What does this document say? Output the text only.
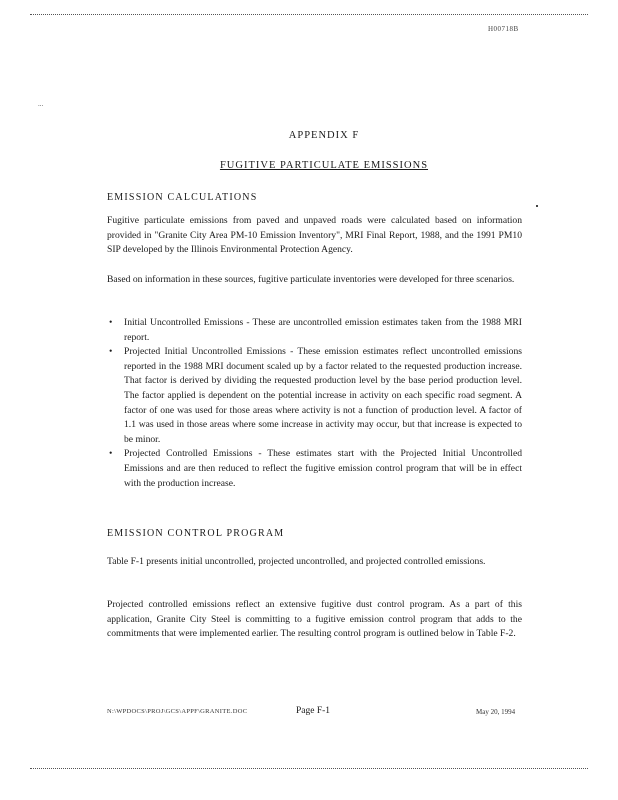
H00718B
...
APPENDIX F
FUGITIVE PARTICULATE EMISSIONS
EMISSION CALCULATIONS

Fugitive particulate emissions from paved and unpaved roads were calculated based on information provided in "Granite City Area PM-10 Emission Inventory", MRI Final Report, 1988, and the 1991 PM10 SIP developed by the Illinois Environmental Protection Agency.

Based on information in these sources, fugitive particulate inventories were developed for three scenarios.

• Initial Uncontrolled Emissions - These are uncontrolled emission estimates taken from the 1988 MRI report.
• Projected Initial Uncontrolled Emissions - These emission estimates reflect uncontrolled emissions reported in the 1988 MRI document scaled up by a factor related to the requested production increase. That factor is derived by dividing the requested production level by the base period production level. The factor applied is dependent on the potential increase in activity on each specific road segment. A factor of one was used for those areas where activity is not a function of production level. A factor of 1.1 was used in those areas where some increase in activity may occur, but that increase is expected to be minor.
• Projected Controlled Emissions - These estimates start with the Projected Initial Uncontrolled Emissions and are then reduced to reflect the fugitive emission control program that will be in effect with the production increase.
EMISSION CONTROL PROGRAM

Table F-1 presents initial uncontrolled, projected uncontrolled, and projected controlled emissions.

Projected controlled emissions reflect an extensive fugitive dust control program. As a part of this application, Granite City Steel is committing to a fugitive emission control program that adds to the commitments that were implemented earlier. The resulting control program is outlined below in Table F-2.

N:\WPDOCS\PROJ\GCS\APPF\GRANITE.DOC	Page F-1	May 20, 1994
